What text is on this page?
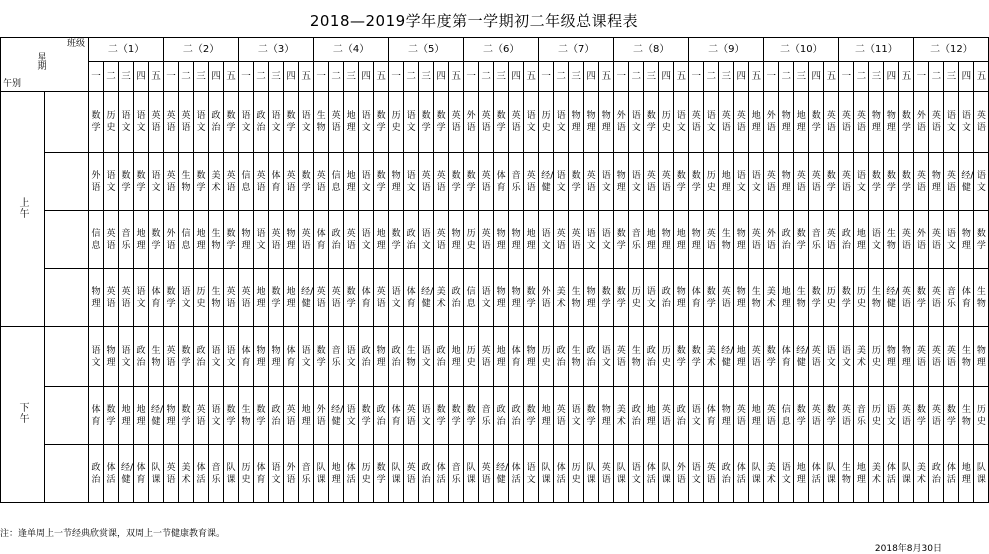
2018—2019学年度第一学期初二年级总课程表
班级
星期
午别		二（1）					二（2）					二（3）					二（4）					二（5）					二（6）					二（7）					二（8）					二（9）					二（10）					二（11）					二（12）				
		一	二	三	四	五	一	二	三	四	五	一	二	三	四	五	一	二	三	四	五	一	二	三	四	五	一	二	三	四	五	一	二	三	四	五	一	二	三	四	五	一	二	三	四	五	一	二	三	四	五	一	二	三	四	五	一	二	三	四	五
上午		数学	历史	语文	语文	英语	英语	英语	语文	政治	数学	语文	政治	语文	数学	语文	生物	英语	地理	语文	数学	历史	语文	数学	数学	英语	外语	英语	数学	英语	语文	历史	语文	物理	物理	物理	外语	语文	数学	历史	语文	英语	语文	英语	英语	地理	外语	物理	地理	数学	英语	英语	英语	物理	物理	数学	外语	英语	语文	语文	英语
		外语	语文	数学	数学	语文	英语	生物	数学	美术	英语	信息	英语	体育	英语	数学	英语	信息	地理	语文	数学	物理	语文	英语	英语	数学	数学	英语	体育	音乐	英语	经/健	语文	数学	英语	语文	物理	语文	英语	英语	数学	数学	历史	地理	语文	语文	英语	物理	英语	英语	数学	英语	语文	数学	数学	数学	英语	物理	英语	经/健	语文
		信息	英语	音乐	地理	数学	外语	信息	地理	生物	数学	物理	语文	英语	物理	英语	体育	政治	英语	语文	地理	数学	政治	语文	英语	物理	历史	英语	物理	物理	地理	语文	英语	英语	语文	语文	数学	音乐	地理	物理	地理	物理	英语	生物	物理	英语	外语	政治	数学	音乐	英语	政治	地理	语文	生物	英语	外语	英语	语文	物理	数学
		物理	英语	英语	语文	体育	数学	语文	历史	生物	英语	英语	地理	数学	地理	经/健	英语	英语	数学	体育	英语	语文	体育	经/健	美术	政治	信息	语文	物理	物理	数学	外语	美术	生物	物理	数学	数学	历史	语文	政治	物理	体育	数学	英语	物理	生物	美术	地理	生物	数学	历史	数学	历史	生物	经/健	英语	数学	英语	音乐	体育	生物
下午		语文	物理	语文	政治	生物	英语	数学	政治	语文	语文	体育	物理	物理	体育	语文	数学	音乐	语文	政治	物理	政治	生物	语文	政治	地理	历史	英语	地理	体育	物理	历史	政治	生物	政治	语文	英语	生物	政治	历史	数学	数学	美术	经/健	地理	英语	数学	体育	经/健	英语	语文	语文	美术	历史	物理	物理	英语	英语	英语	生物	物理
		体育	数学	地理	地理	经/健	物理	数学	英语	语文	数学	生物	数学	政治	英语	地理	外语	经/健	语文	数学	政治	体育	英语	语文	数学	数学	数学	音乐	政治	政治	数学	地理	英语	语文	数学	物理	美术	政治	地理	英语	政治	语文	体育	物理	英语	地理	英语	信息	数学	英语	数学	英语	音乐	历史	语文	英语	数学	英语	数学	生物	历史
		政治	体活	经/健	体育	队课	英语	美术	体活	音乐	队课	历史	体育	语文	外语	音乐	队课	地理	体活	历史	数学	队课	英语	政治	体活	音乐	队课	英语	经/健	体活	语文	队课	体活	历史	队课	英语	队课	语文	体活	队课	外语	语文	英语	政治	体活	队课	美术	语文	地理	体活	队课	生物	地理	美术	体活	队课	美术	政治	体活	地理	队课
注：逢单周上一节经典欣赏课，双周上一节健康教育课。
2018年8月30日
